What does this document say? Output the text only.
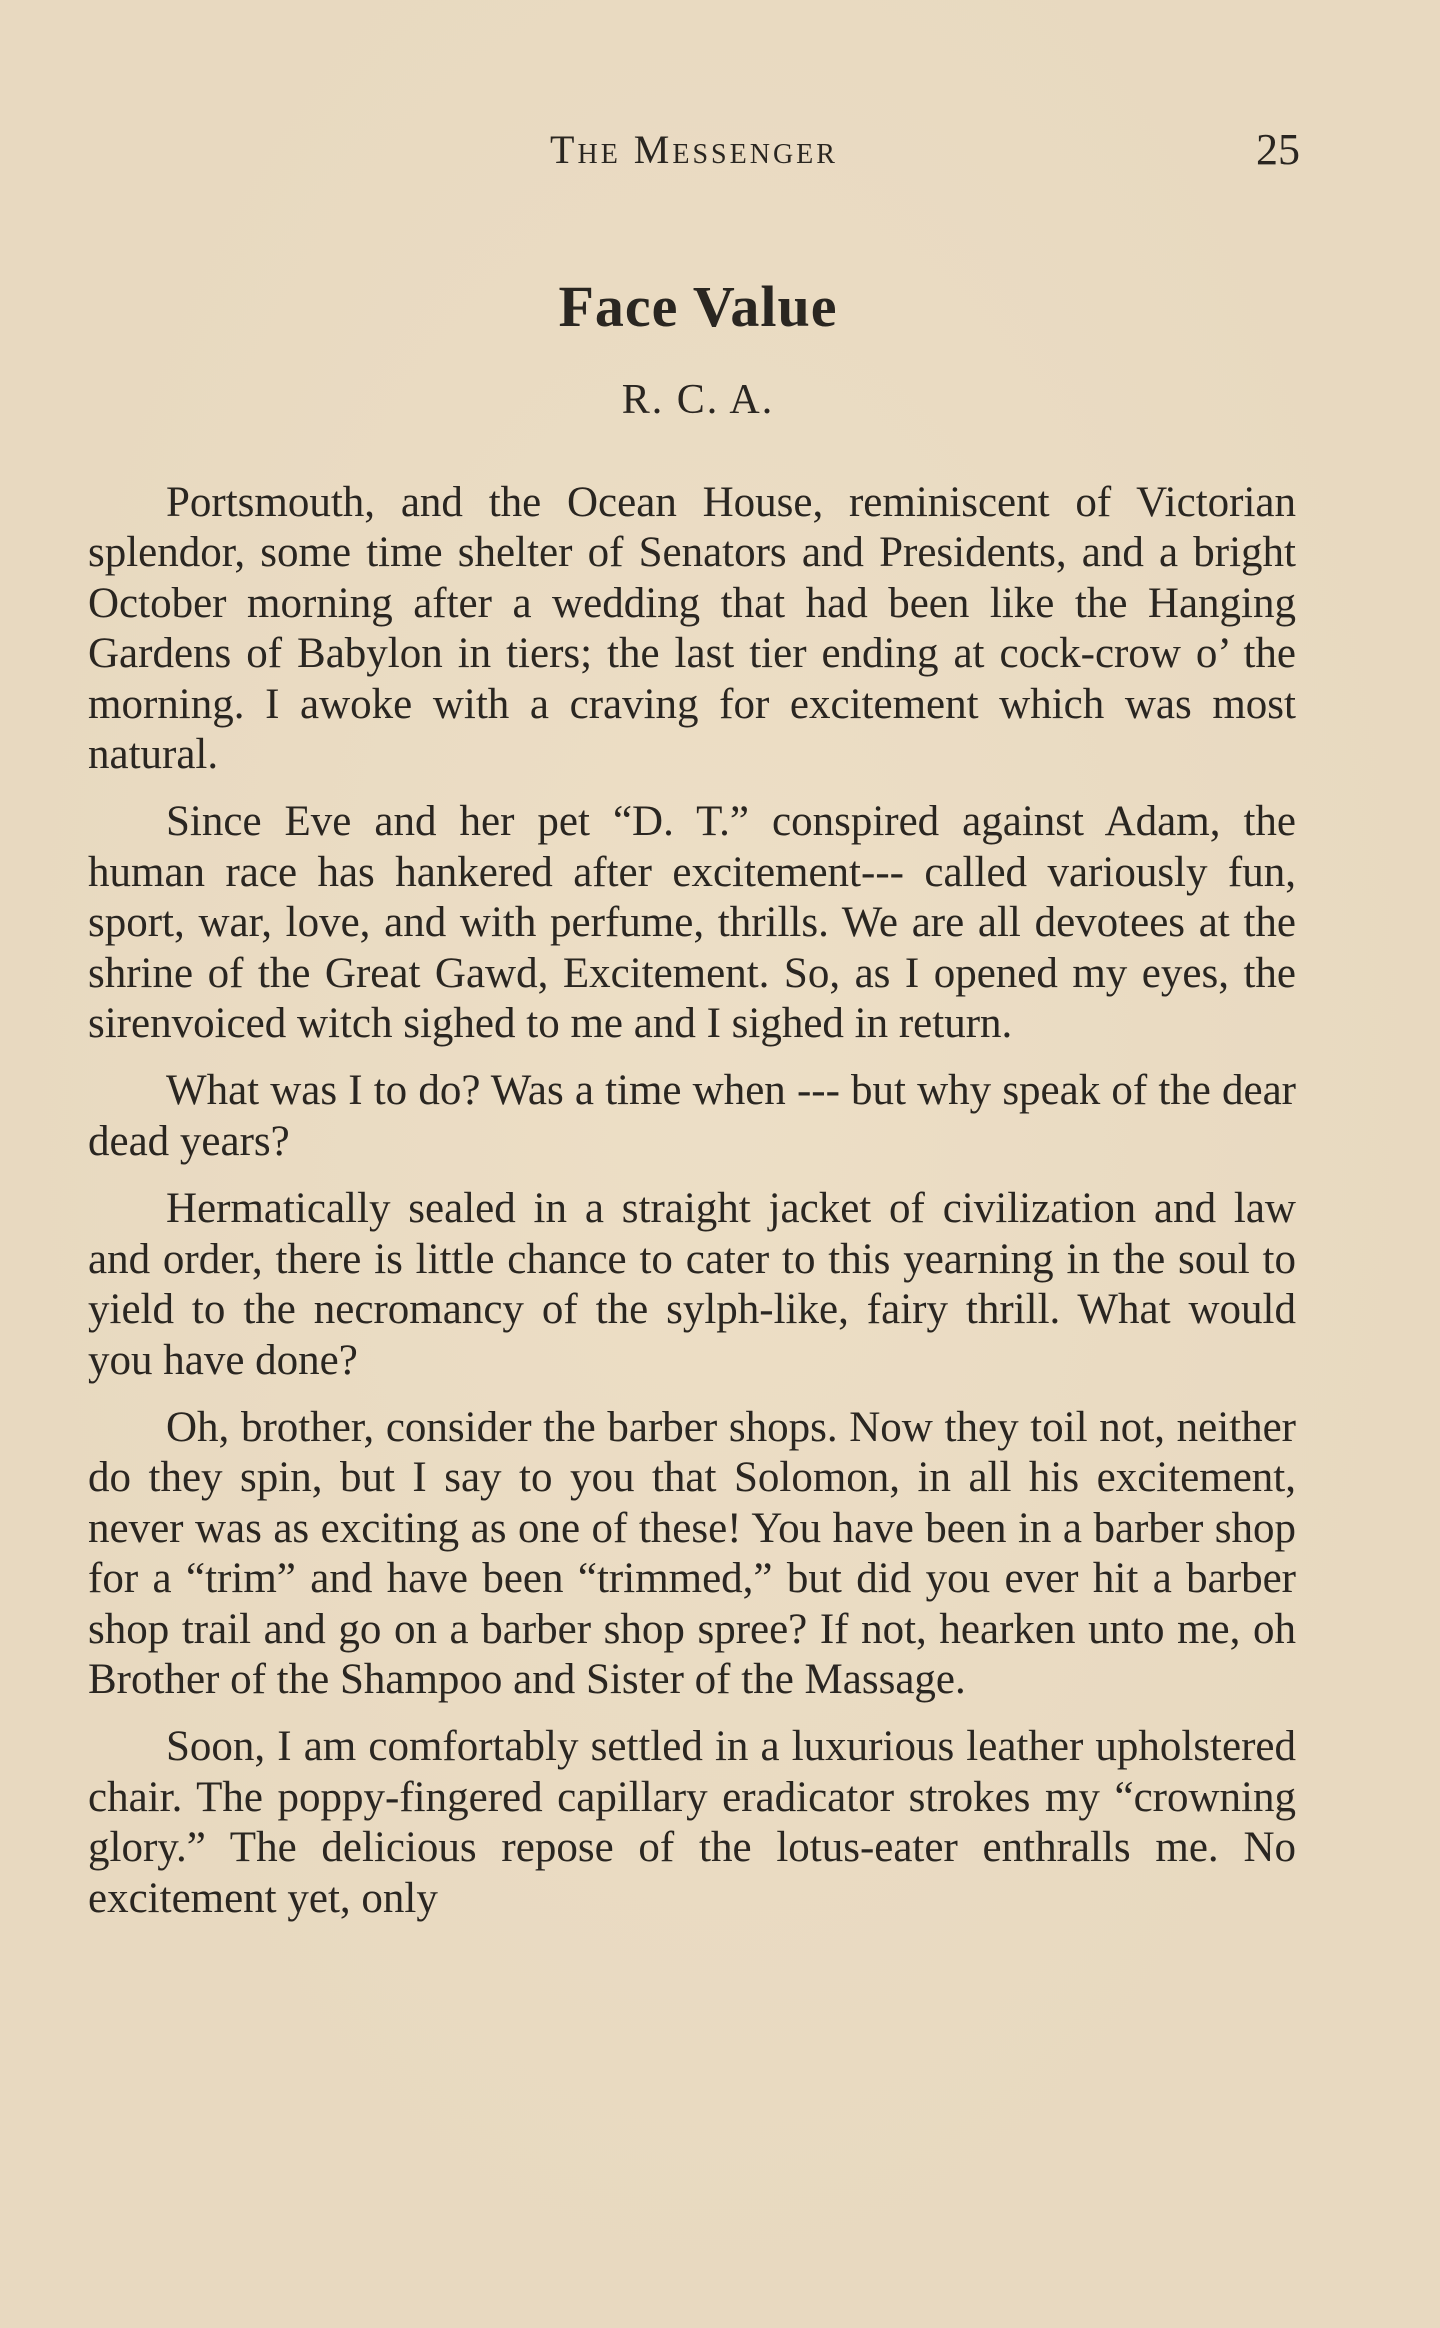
The Messenger	25
Face Value
R. C. A.

Portsmouth, and the Ocean House, reminiscent of Victorian splendor, some time shelter of Senators and Presidents, and a bright October morning after a wedding that had been like the Hanging Gardens of Babylon in tiers; the last tier ending at cock-crow o’ the morning. I awoke with a craving for excitement which was most natural.

Since Eve and her pet “D. T.” conspired against Adam, the human race has hankered after excitement--- called variously fun, sport, war, love, and with perfume, thrills. We are all devotees at the shrine of the Great Gawd, Excitement. So, as I opened my eyes, the sirenvoiced witch sighed to me and I sighed in return.

What was I to do? Was a time when --- but why speak of the dear dead years?

Hermatically sealed in a straight jacket of civilization and law and order, there is little chance to cater to this yearning in the soul to yield to the necromancy of the sylph-like, fairy thrill. What would you have done?

Oh, brother, consider the barber shops. Now they toil not, neither do they spin, but I say to you that Solomon, in all his excitement, never was as exciting as one of these! You have been in a barber shop for a “trim” and have been “trimmed,” but did you ever hit a barber shop trail and go on a barber shop spree? If not, hearken unto me, oh Brother of the Shampoo and Sister of the Massage.

Soon, I am comfortably settled in a luxurious leather upholstered chair. The poppy-fingered capillary eradicator strokes my “crowning glory.” The delicious repose of the lotus-eater enthralls me. No excitement yet, only
